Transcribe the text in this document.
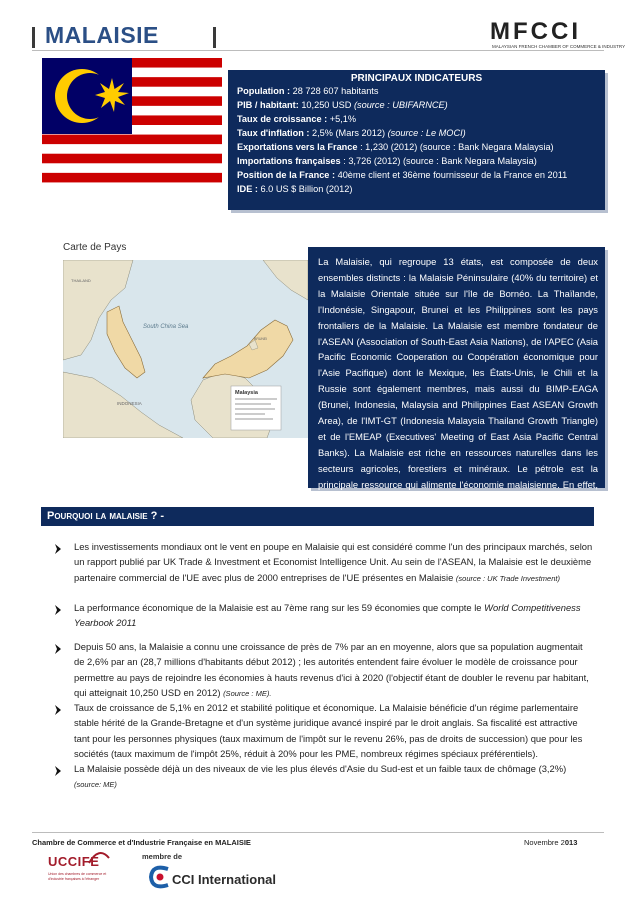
MALAISIE	MFCCI
MALAYSIAN FRENCH CHAMBER OF COMMERCE & INDUSTRY
PRINCIPAUX INDICATEURS
Population : 28 728 607 habitants
PIB / habitant: 10,250 USD (source : UBIFARNCE)
Taux de croissance : +5,1%
Taux d'inflation : 2,5% (Mars 2012) (source : Le MOCI)
Exportations vers la France : 1,230 (2012) (source : Bank Negara Malaysia)
Importations françaises : 3,726 (2012) (source : Bank Negara Malaysia)
Position de la France : 40ème client et 36ème fournisseur de la France en 2011
IDE : 6.0 US $ Billion (2012)
Carte de Pays
South China Sea
THAILAND
INDONESIA
BRUNEI
Malaysia
La Malaisie, qui regroupe 13 états, est composée de deux ensembles distincts : la Malaisie Péninsulaire (40% du territoire) et la Malaisie Orientale située sur l'île de Bornéo. La Thaïlande, l'Indonésie, Singapour, Brunei et les Philippines sont les pays frontaliers de la Malaisie. La Malaisie est membre fondateur de l'ASEAN (Association of South-East Asia Nations), de l'APEC (Asia Pacific Economic Cooperation ou Coopération économique pour l'Asie Pacifique) dont le Mexique, les États-Unis, le Chili et la Russie sont également membres, mais aussi du BIMP-EAGA (Brunei, Indonesia, Malaysia and Philippines East ASEAN Growth Area), de l'IMT-GT (Indonesia Malaysia Thailand Growth Triangle) et de l'EMEAP (Executives' Meeting of East Asia Pacific Central Banks). La Malaisie est riche en ressources naturelles dans les secteurs agricoles, forestiers et minéraux. Le pétrole est la principale ressource qui alimente l'économie malaisienne. En effet, elle est classée 24ème en termes de réserves mondiales et 13ème
Pourquoi la malaisie ? -
Les investissements mondiaux ont le vent en poupe en Malaisie qui est considéré comme l'un des principaux marchés, selon un rapport publié par UK Trade & Investment et Economist Intelligence Unit. Au sein de l'ASEAN, la Malaisie est le deuxième partenaire commercial de l'UE avec plus de 2000 entreprises de l'UE présentes en Malaisie (source : UK Trade Investment)
La performance économique de la Malaisie est au 7ème rang sur les 59 économies que compte le World Competitiveness Yearbook 2011
Depuis 50 ans, la Malaisie a connu une croissance de près de 7% par an en moyenne, alors que sa population augmentait de 2,6% par an (28,7 millions d'habitants début 2012) ; les autorités entendent faire évoluer le modèle de croissance pour permettre au pays de rejoindre les économies à hauts revenus d'ici à 2020 (l'objectif étant de doubler le revenu par habitant, qui atteignait 10,250 USD en 2012) (Source : ME).
Taux de croissance de 5,1% en 2012 et stabilité politique et économique. La Malaisie bénéficie d'un régime parlementaire stable hérité de la Grande-Bretagne et d'un système juridique avancé inspiré par le droit anglais. Sa fiscalité est attractive tant pour les personnes physiques (taux maximum de l'impôt sur le revenu 26%, pas de droits de succession) que pour les sociétés (taux maximum de l'impôt 25%, réduit à 20% pour les PME, nombreux régimes spéciaux préférentiels).
La Malaisie possède déjà un des niveaux de vie les plus élevés d'Asie du Sud-est et un faible taux de chômage (3,2%) (source: ME)
Chambre de Commerce et d'Industrie Française en MALAISIE	Novembre 2013
UCCIFE
Union des chambres de commerce et d'industrie françaises à l'étranger
membre de
CCI International
